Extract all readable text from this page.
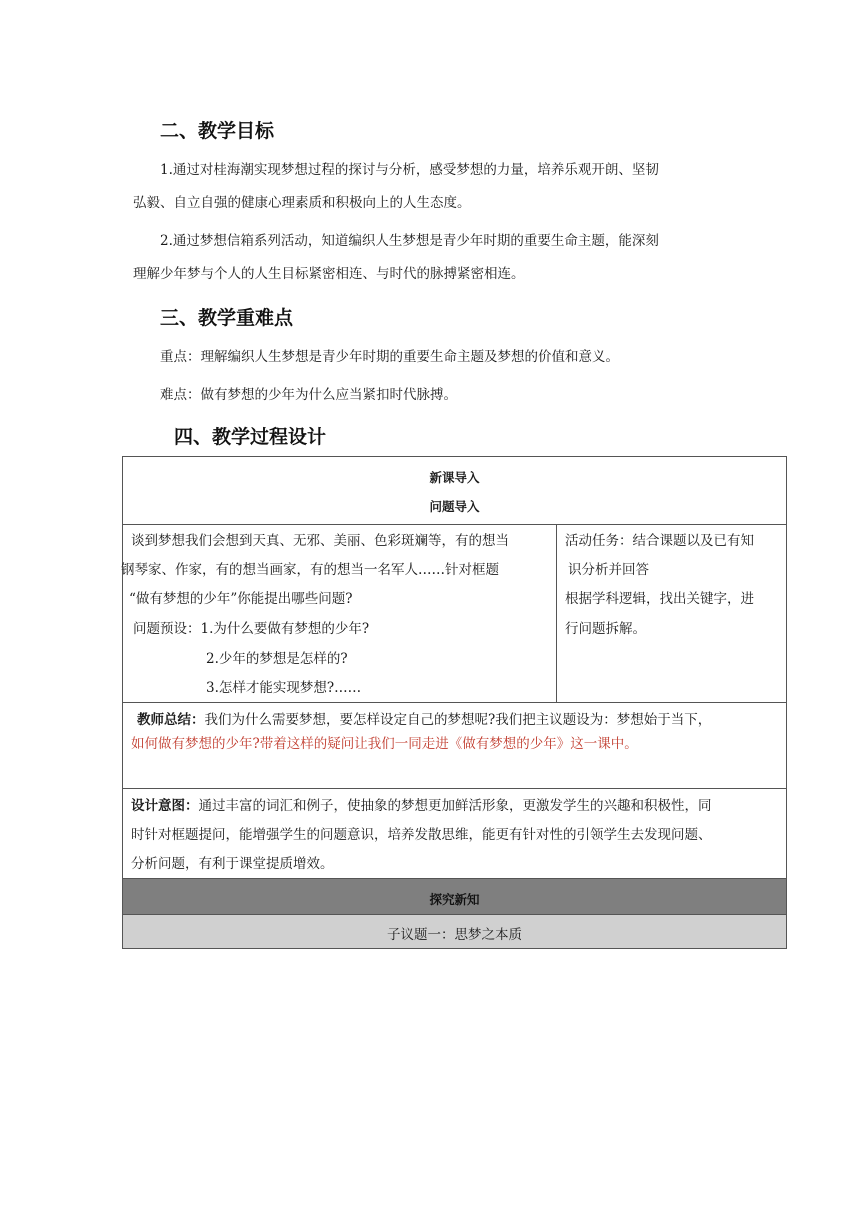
二、教学目标
1.通过对桂海潮实现梦想过程的探讨与分析，感受梦想的力量，培养乐观开朗、坚韧
弘毅、自立自强的健康心理素质和积极向上的人生态度。
2.通过梦想信箱系列活动，知道编织人生梦想是青少年时期的重要生命主题，能深刻
理解少年梦与个人的人生目标紧密相连、与时代的脉搏紧密相连。
三、教学重难点
重点：理解编织人生梦想是青少年时期的重要生命主题及梦想的价值和意义。
难点：做有梦想的少年为什么应当紧扣时代脉搏。
四、教学过程设计
新课导入
问题导入
谈到梦想我们会想到天真、无邪、美丽、色彩斑斓等，有的想当
钢琴家、作家，有的想当画家，有的想当一名军人……针对框题
“做有梦想的少年”你能提出哪些问题?
问题预设：1.为什么要做有梦想的少年?
2.少年的梦想是怎样的?
3.怎样才能实现梦想?……
活动任务：结合课题以及已有知
识分析并回答
根据学科逻辑，找出关键字，进
行问题拆解。
教师总结：我们为什么需要梦想，要怎样设定自己的梦想呢?我们把主议题设为：梦想始于当下，
如何做有梦想的少年?带着这样的疑问让我们一同走进《做有梦想的少年》这一课中。
设计意图：通过丰富的词汇和例子，使抽象的梦想更加鲜活形象，更激发学生的兴趣和积极性，同
时针对框题提问，能增强学生的问题意识，培养发散思维，能更有针对性的引领学生去发现问题、
分析问题，有利于课堂提质增效。
探究新知
子议题一：思梦之本质
